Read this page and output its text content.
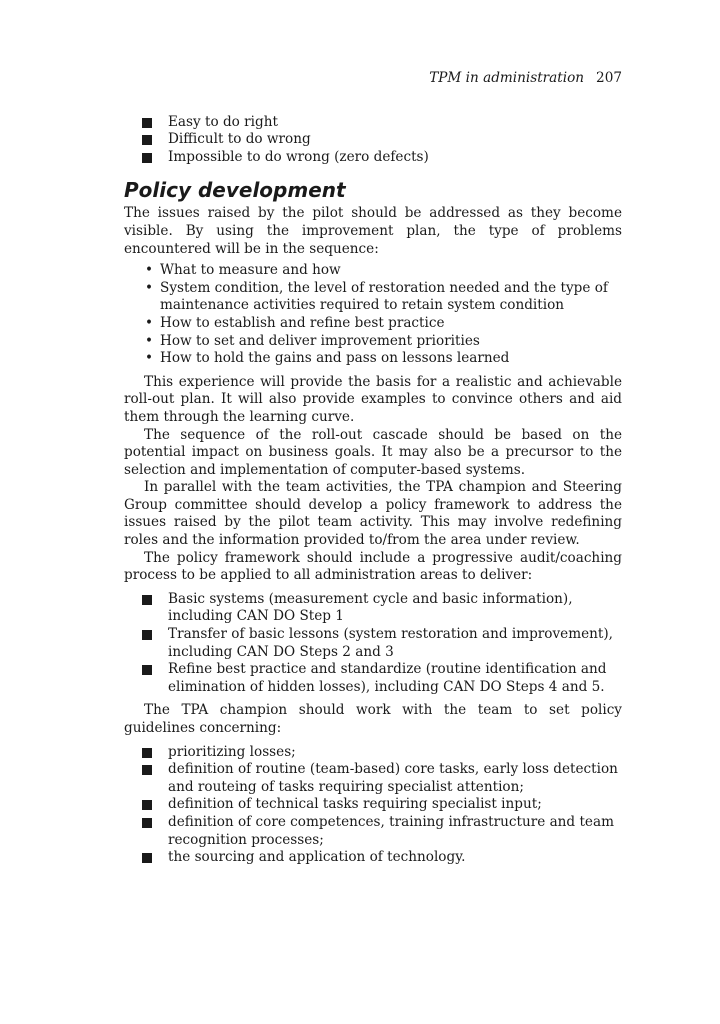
TPM in administration 207
Easy to do right
Difficult to do wrong
Impossible to do wrong (zero defects)
Policy development

The issues raised by the pilot should be addressed as they become visible. By using the improvement plan, the type of problems encountered will be in the sequence:

• What to measure and how
• System condition, the level of restoration needed and the type of maintenance activities required to retain system condition
• How to establish and refine best practice
• How to set and deliver improvement priorities
• How to hold the gains and pass on lessons learned

This experience will provide the basis for a realistic and achievable roll-out plan. It will also provide examples to convince others and aid them through the learning curve.

The sequence of the roll-out cascade should be based on the potential impact on business goals. It may also be a precursor to the selection and implementation of computer-based systems.

In parallel with the team activities, the TPA champion and Steering Group committee should develop a policy framework to address the issues raised by the pilot team activity. This may involve redefining roles and the information provided to/from the area under review.

The policy framework should include a progressive audit/coaching process to be applied to all administration areas to deliver:

Basic systems (measurement cycle and basic information), including CAN DO Step 1
Transfer of basic lessons (system restoration and improvement), including CAN DO Steps 2 and 3
Refine best practice and standardize (routine identification and elimination of hidden losses), including CAN DO Steps 4 and 5.

The TPA champion should work with the team to set policy guidelines concerning:

prioritizing losses;
definition of routine (team-based) core tasks, early loss detection and routeing of tasks requiring specialist attention;
definition of technical tasks requiring specialist input;
definition of core competences, training infrastructure and team recognition processes;
the sourcing and application of technology.
